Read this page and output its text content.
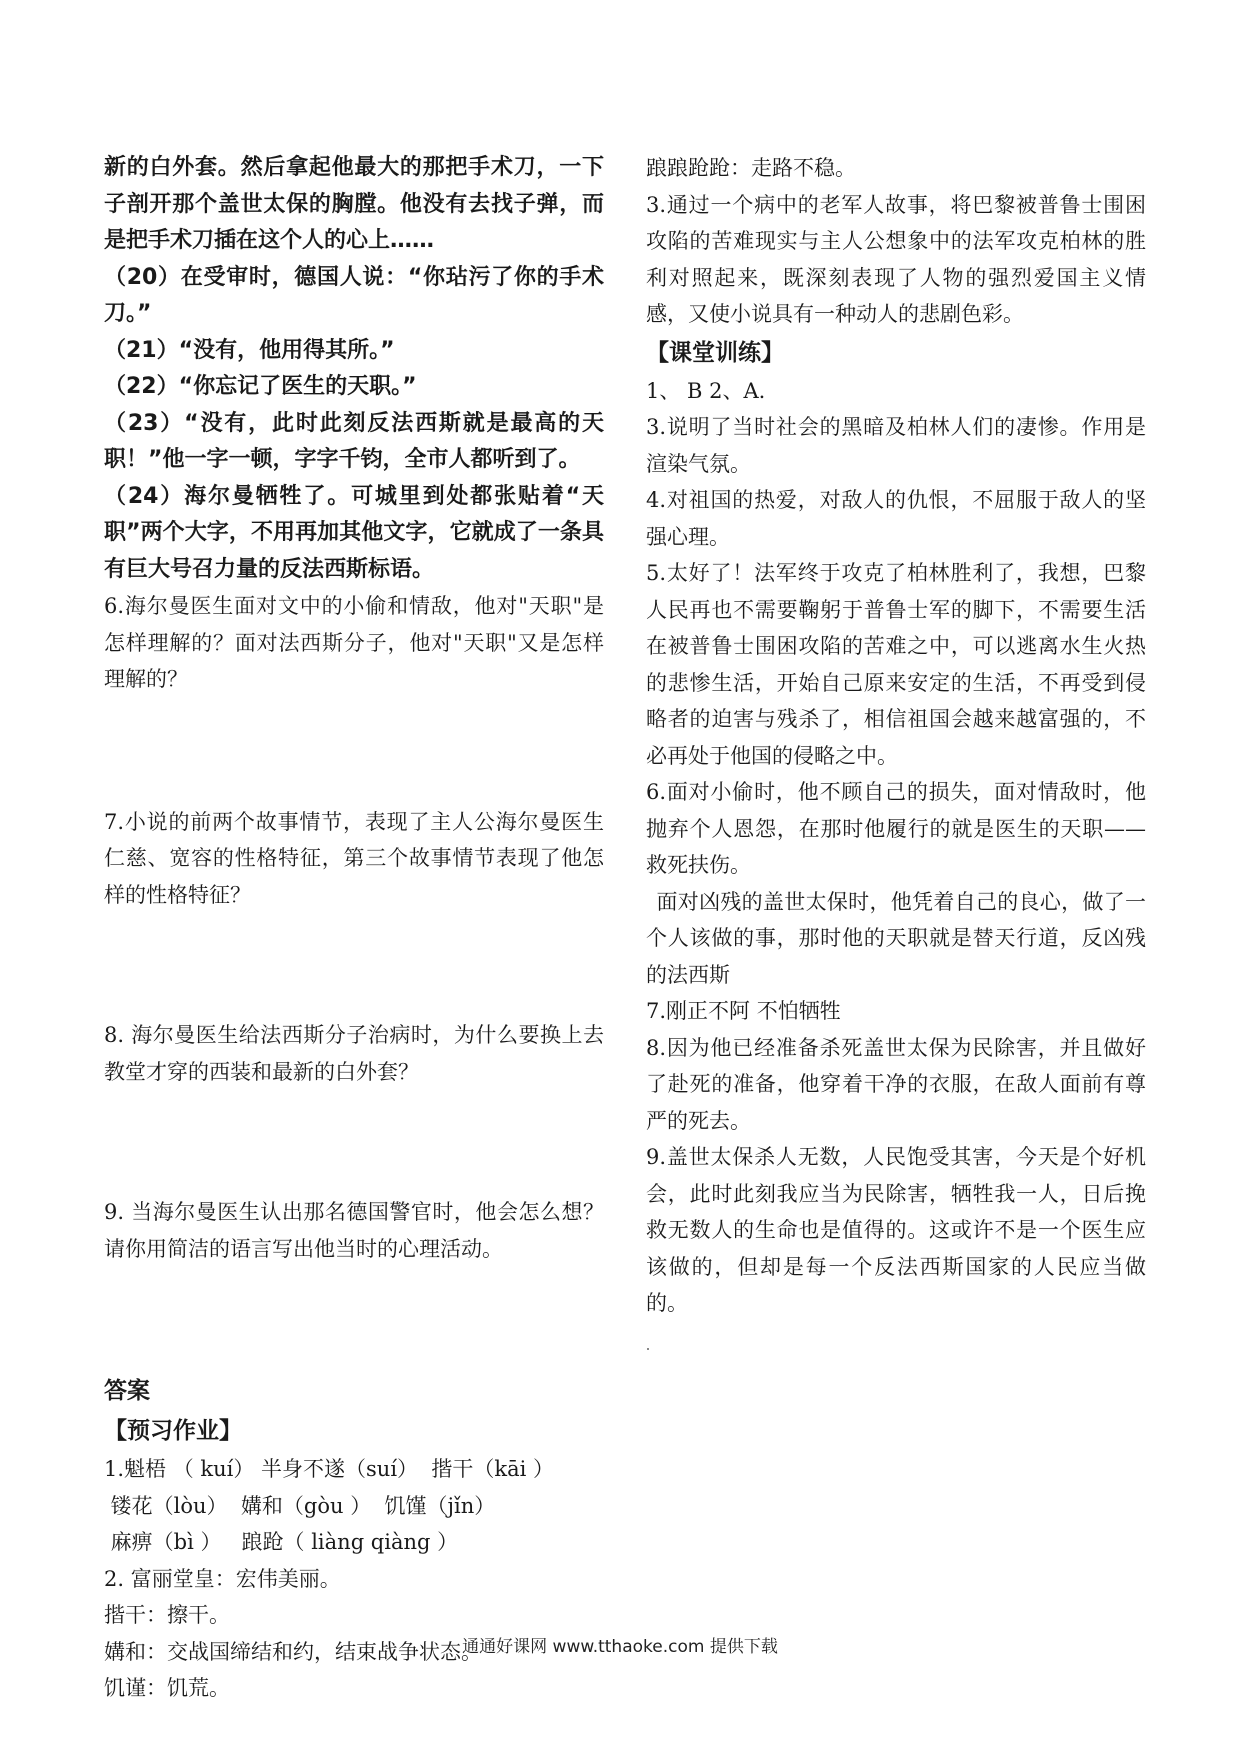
新的白外套。然后拿起他最大的那把手术刀，一下子剖开那个盖世太保的胸膛。他没有去找子弹，而是把手术刀插在这个人的心上……

（20）在受审时，德国人说：“你玷污了你的手术刀。”

（21）“没有，他用得其所。”

（22）“你忘记了医生的天职。”

（23）“没有，此时此刻反法西斯就是最高的天职！”他一字一顿，字字千钧，全市人都听到了。

（24）海尔曼牺牲了。可城里到处都张贴着“天职”两个大字，不用再加其他文字，它就成了一条具有巨大号召力量的反法西斯标语。

6.海尔曼医生面对文中的小偷和情敌，他对"天职"是怎样理解的？面对法西斯分子，他对"天职"又是怎样理解的？

7.小说的前两个故事情节，表现了主人公海尔曼医生仁慈、宽容的性格特征，第三个故事情节表现了他怎样的性格特征？

8. 海尔曼医生给法西斯分子治病时，为什么要换上去教堂才穿的西装和最新的白外套？

9. 当海尔曼医生认出那名德国警官时，他会怎么想？请你用简洁的语言写出他当时的心理活动。

答案

【预习作业】

1.魁梧 （ kuí） 半身不遂（suí）  揩干（kāi ）

镂花（lòu）  媾和（gòu ）  饥馑（jǐn）

麻痹（bì ）   踉跄（ liàng qiàng ）

2. 富丽堂皇：宏伟美丽。

揩干：擦干。

媾和：交战国缔结和约，结束战争状态。

饥谨：饥荒。

踉踉跄跄：走路不稳。

3.通过一个病中的老军人故事，将巴黎被普鲁士围困攻陷的苦难现实与主人公想象中的法军攻克柏林的胜利对照起来，既深刻表现了人物的强烈爱国主义情感，又使小说具有一种动人的悲剧色彩。

【课堂训练】

1、 B 2、A.

3.说明了当时社会的黑暗及柏林人们的凄惨。作用是渲染气氛。

4.对祖国的热爱，对敌人的仇恨，不屈服于敌人的坚强心理。

5.太好了！法军终于攻克了柏林胜利了，我想，巴黎人民再也不需要鞠躬于普鲁士军的脚下，不需要生活在被普鲁士围困攻陷的苦难之中，可以逃离水生火热的悲惨生活，开始自己原来安定的生活，不再受到侵略者的迫害与残杀了，相信祖国会越来越富强的，不必再处于他国的侵略之中。

6.面对小偷时，他不顾自己的损失，面对情敌时，他抛弃个人恩怨，在那时他履行的就是医生的天职——救死扶伤。

面对凶残的盖世太保时，他凭着自己的良心，做了一个人该做的事，那时他的天职就是替天行道，反凶残的法西斯

7.刚正不阿 不怕牺牲

8.因为他已经准备杀死盖世太保为民除害，并且做好了赴死的准备，他穿着干净的衣服，在敌人面前有尊严的死去。

9.盖世太保杀人无数，人民饱受其害，今天是个好机会，此时此刻我应当为民除害，牺牲我一人，日后挽救无数人的生命也是值得的。这或许不是一个医生应该做的，但却是每一个反法西斯国家的人民应当做的。

通通好课网 www.tthaoke.com 提供下载
